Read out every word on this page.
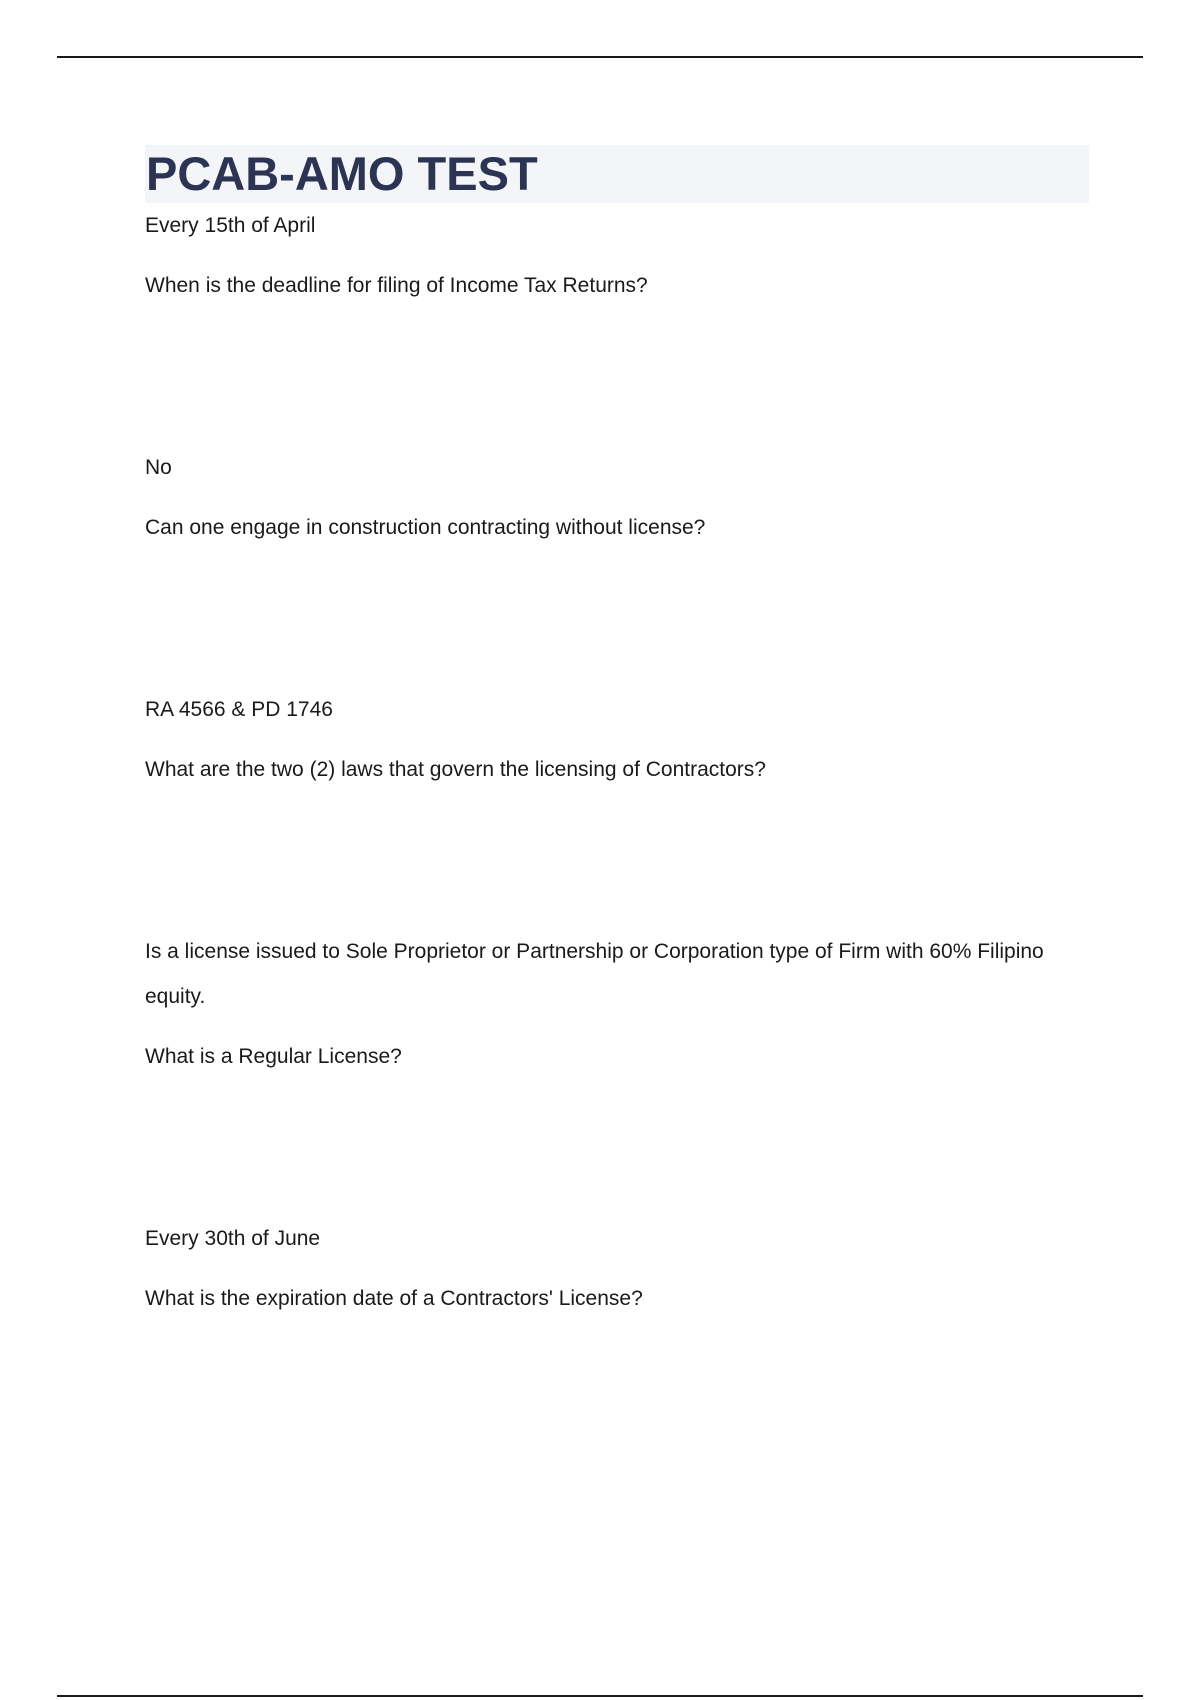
PCAB-AMO TEST

Every 15th of April

When is the deadline for filing of Income Tax Returns?

No

Can one engage in construction contracting without license?

RA 4566 & PD 1746

What are the two (2) laws that govern the licensing of Contractors?

Is a license issued to Sole Proprietor or Partnership or Corporation type of Firm with 60% Filipino equity.

What is a Regular License?

Every 30th of June

What is the expiration date of a Contractors' License?
